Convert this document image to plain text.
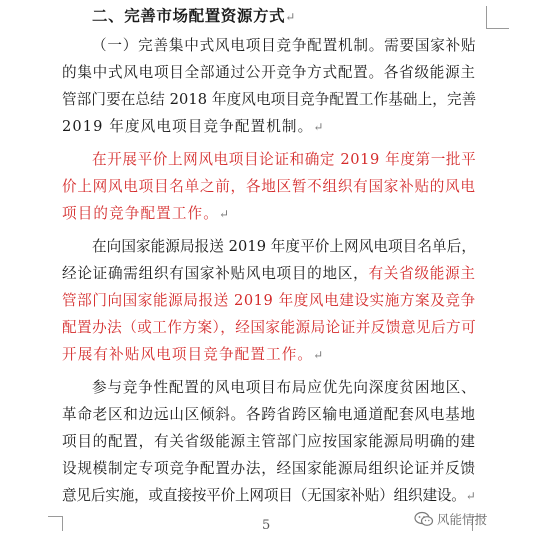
二、完善市场配置资源方式↵
（一）完善集中式风电项目竞争配置机制。需要国家补贴
的集中式风电项目全部通过公开竞争方式配置。各省级能源主
管部门要在总结 2018 年度风电项目竞争配置工作基础上，完善
2019 年度风电项目竞争配置机制。↵
在开展平价上网风电项目论证和确定 2019 年度第一批平
价上网风电项目名单之前，各地区暂不组织有国家补贴的风电
项目的竞争配置工作。↵
在向国家能源局报送 2019 年度平价上网风电项目名单后，
经论证确需组织有国家补贴风电项目的地区，有关省级能源主
管部门向国家能源局报送 2019 年度风电建设实施方案及竞争
配置办法（或工作方案），经国家能源局论证并反馈意见后方可
开展有补贴风电项目竞争配置工作。↵
参与竞争性配置的风电项目布局应优先向深度贫困地区、
革命老区和边远山区倾斜。各跨省跨区输电通道配套风电基地
项目的配置，有关省级能源主管部门应按国家能源局明确的建
设规模制定专项竞争配置办法，经国家能源局组织论证并反馈
意见后实施，或直接按平价上网项目（无国家补贴）组织建设。↵
5	风能情报
